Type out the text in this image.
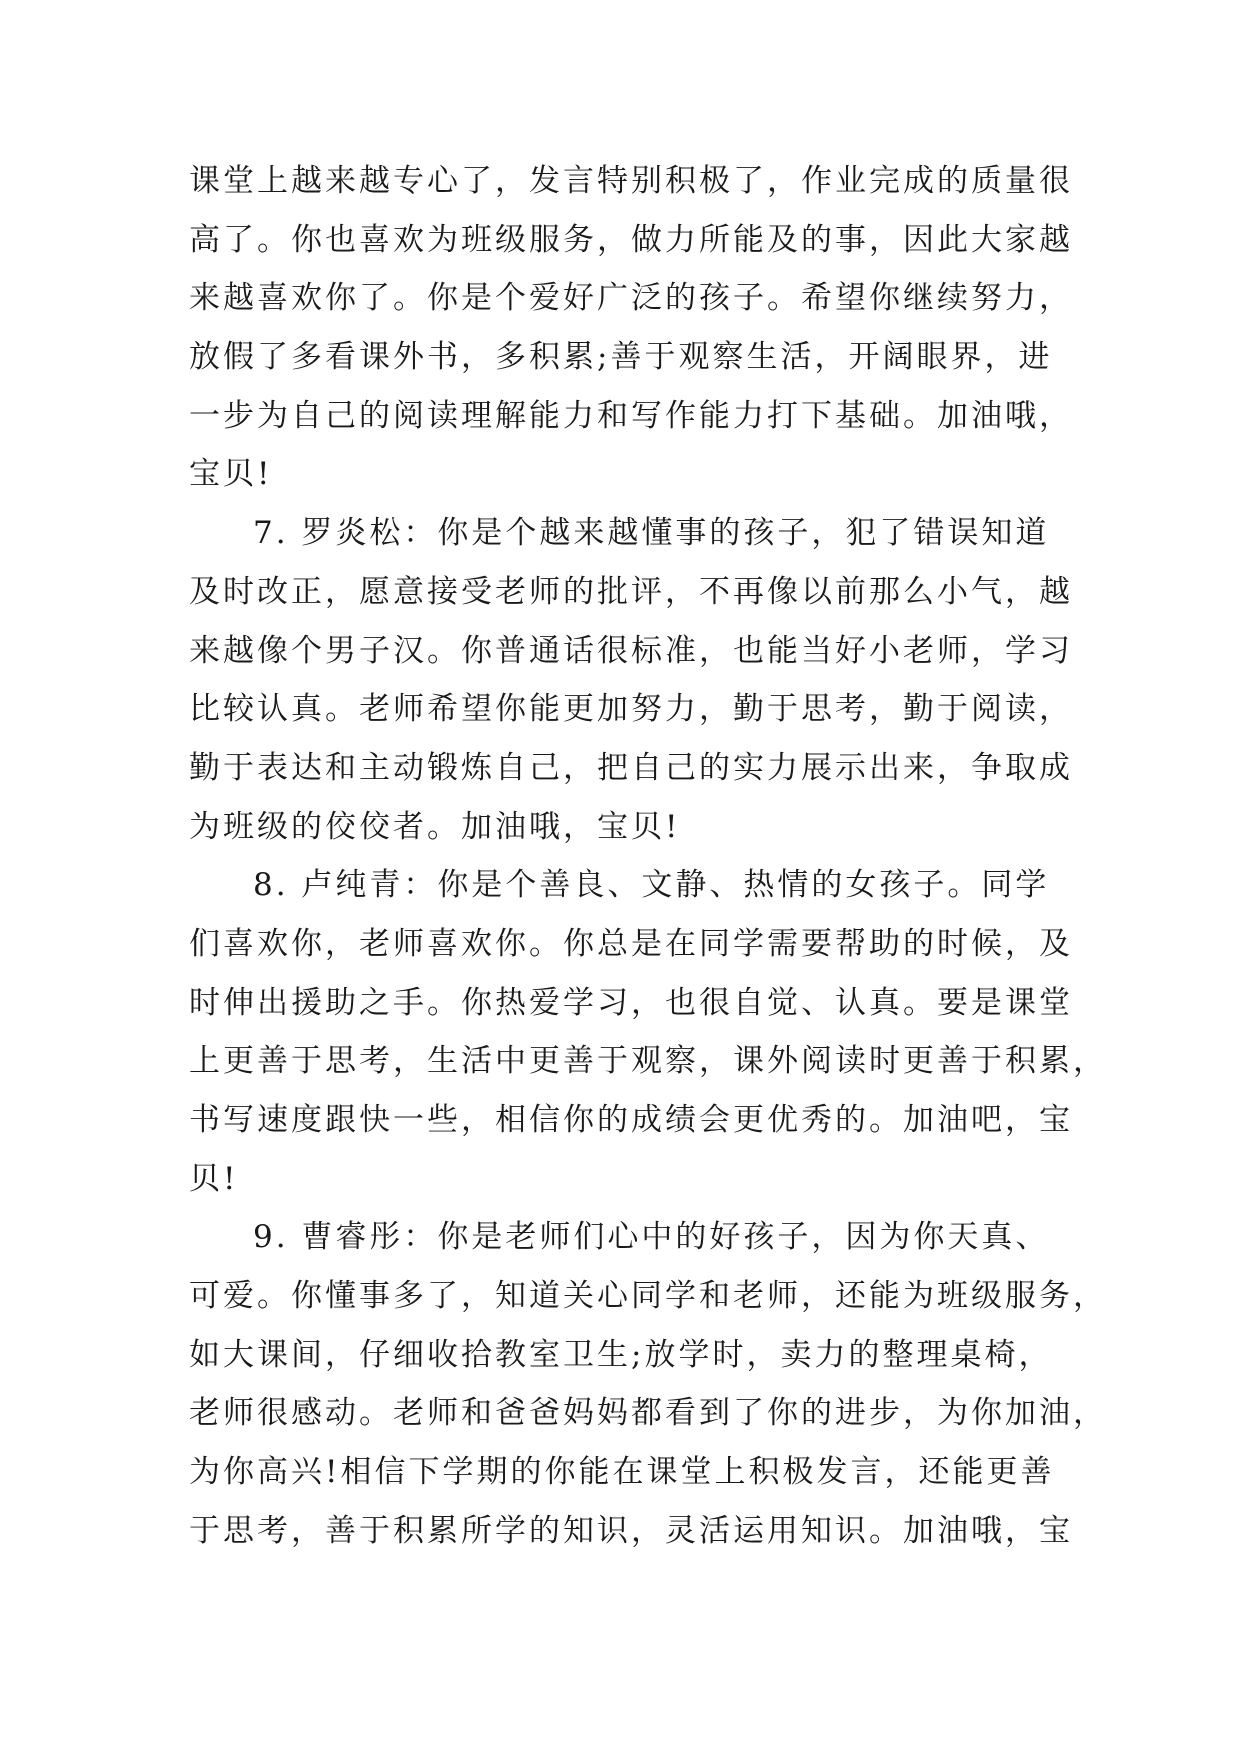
课堂上越来越专心了，发言特别积极了，作业完成的质量很
高了。你也喜欢为班级服务，做力所能及的事，因此大家越
来越喜欢你了。你是个爱好广泛的孩子。希望你继续努力，
放假了多看课外书，多积累;善于观察生活，开阔眼界，进
一步为自己的阅读理解能力和写作能力打下基础。加油哦，
宝贝!
7. 罗炎松：你是个越来越懂事的孩子，犯了错误知道
及时改正，愿意接受老师的批评，不再像以前那么小气，越
来越像个男子汉。你普通话很标准，也能当好小老师，学习
比较认真。老师希望你能更加努力，勤于思考，勤于阅读，
勤于表达和主动锻炼自己，把自己的实力展示出来，争取成
为班级的佼佼者。加油哦，宝贝!
8. 卢纯青：你是个善良、文静、热情的女孩子。同学
们喜欢你，老师喜欢你。你总是在同学需要帮助的时候，及
时伸出援助之手。你热爱学习，也很自觉、认真。要是课堂
上更善于思考，生活中更善于观察，课外阅读时更善于积累，
书写速度跟快一些，相信你的成绩会更优秀的。加油吧，宝
贝!
9. 曹睿彤：你是老师们心中的好孩子，因为你天真、
可爱。你懂事多了，知道关心同学和老师，还能为班级服务，
如大课间，仔细收拾教室卫生;放学时，卖力的整理桌椅，
老师很感动。老师和爸爸妈妈都看到了你的进步，为你加油，
为你高兴!相信下学期的你能在课堂上积极发言，还能更善
于思考，善于积累所学的知识，灵活运用知识。加油哦，宝
